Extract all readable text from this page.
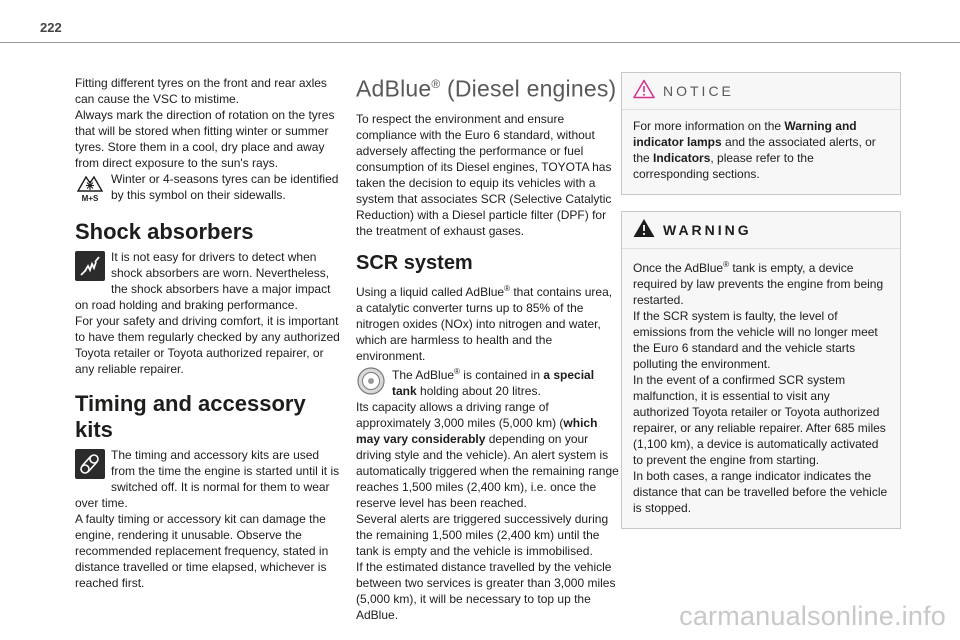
222

Fitting different tyres on the front and rear axles can cause the VSC to mistime.

Always mark the direction of rotation on the tyres that will be stored when fitting winter or summer tyres. Store them in a cool, dry place and away from direct exposure to the sun's rays.

M+S

Winter or 4-seasons tyres can be identified by this symbol on their sidewalls.

Shock absorbers

It is not easy for drivers to detect when shock absorbers are worn. Nevertheless, the shock absorbers have a major impact on road holding and braking performance.

For your safety and driving comfort, it is important to have them regularly checked by any authorized Toyota retailer or Toyota authorized repairer, or any reliable repairer.

Timing and accessory kits

The timing and accessory kits are used from the time the engine is started until it is switched off. It is normal for them to wear over time.

A faulty timing or accessory kit can damage the engine, rendering it unusable. Observe the recommended replacement frequency, stated in distance travelled or time elapsed, whichever is reached first.

AdBlue® (Diesel engines)

To respect the environment and ensure compliance with the Euro 6 standard, without adversely affecting the performance or fuel consumption of its Diesel engines, TOYOTA has taken the decision to equip its vehicles with a system that associates SCR (Selective Catalytic Reduction) with a Diesel particle filter (DPF) for the treatment of exhaust gases.

SCR system

Using a liquid called AdBlue® that contains urea, a catalytic converter turns up to 85% of the nitrogen oxides (NOx) into nitrogen and water, which are harmless to health and the environment.

The AdBlue® is contained in a special tank holding about 20 litres.

Its capacity allows a driving range of approximately 3,000 miles (5,000 km) (which may vary considerably depending on your driving style and the vehicle). An alert system is automatically triggered when the remaining range reaches 1,500 miles (2,400 km), i.e. once the reserve level has been reached.

Several alerts are triggered successively during the remaining 1,500 miles (2,400 km) until the tank is empty and the vehicle is immobilised.

If the estimated distance travelled by the vehicle between two services is greater than 3,000 miles (5,000 km), it will be necessary to top up the AdBlue.

NOTICE
For more information on the Warning and indicator lamps and the associated alerts, or the Indicators, please refer to the corresponding sections.
WARNING

Once the AdBlue® tank is empty, a device required by law prevents the engine from being restarted.

If the SCR system is faulty, the level of emissions from the vehicle will no longer meet the Euro 6 standard and the vehicle starts polluting the environment.

In the event of a confirmed SCR system malfunction, it is essential to visit any authorized Toyota retailer or Toyota authorized repairer, or any reliable repairer. After 685 miles (1,100 km), a device is automatically activated to prevent the engine from starting.

In both cases, a range indicator indicates the distance that can be travelled before the vehicle is stopped.

carmanualsonline.info
